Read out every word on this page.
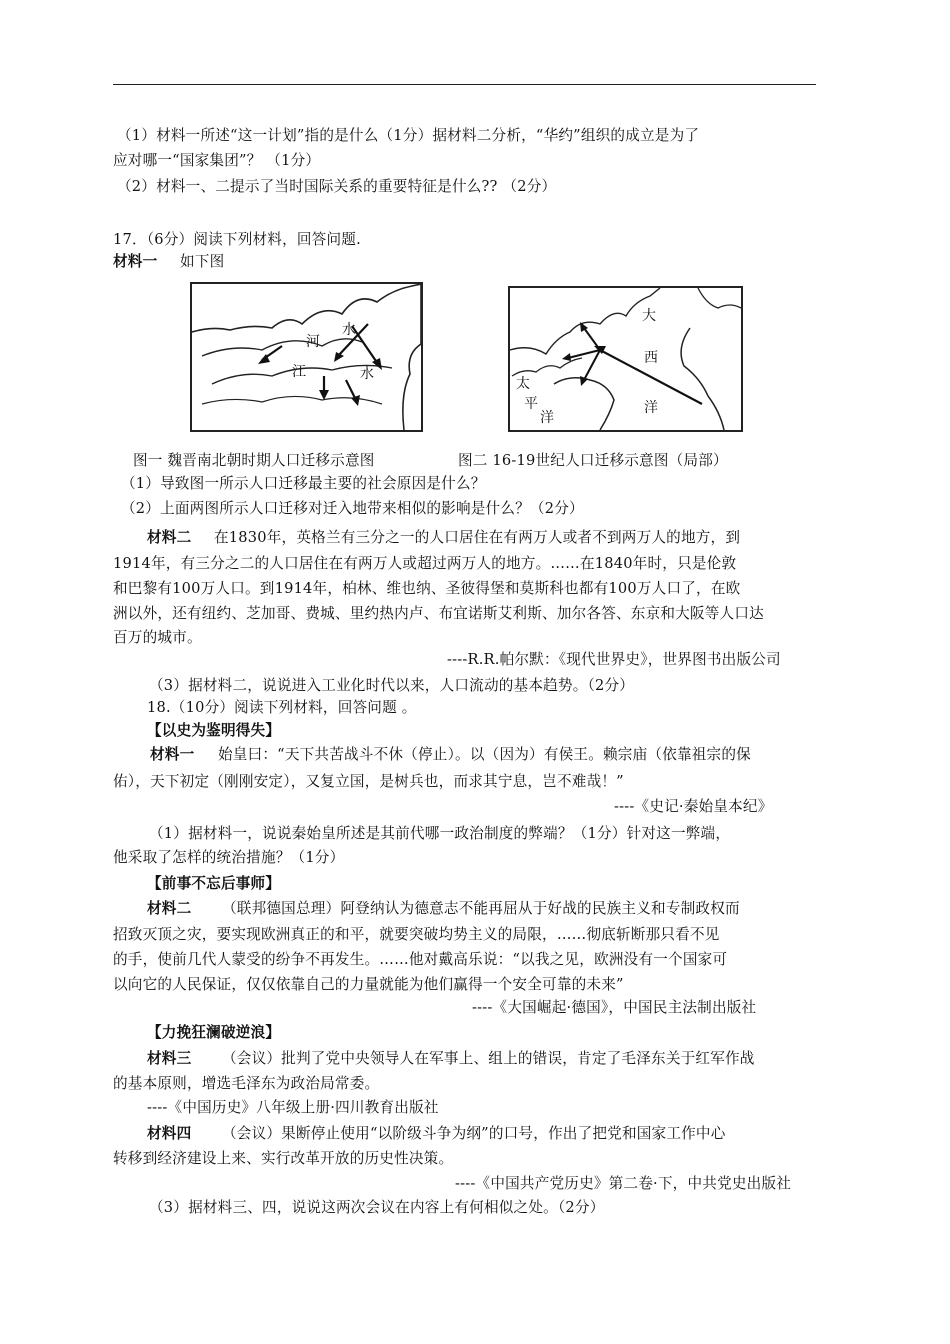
（1）材料一所述“这一计划”指的是什么（1分）据材料二分析，“华约”组织的成立是为了
应对哪一“国家集团”？ （1分）
（2）材料一、二提示了当时国际关系的重要特征是什么?? （2分）
17．（6分）阅读下列材料，回答问题.
材料一 如下图
河
水
江	水
大
西
洋
太
平
洋
图一 魏晋南北朝时期人口迁移示意图	图二 16-19世纪人口迁移示意图（局部）
（1）导致图一所示人口迁移最主要的社会原因是什么？
（2）上面两图所示人口迁移对迁入地带来相似的影响是什么？（2分）
材料二 在1830年，英格兰有三分之一的人口居住在有两万人或者不到两万人的地方，到
1914年，有三分之二的人口居住在有两万人或超过两万人的地方。……在1840年时，只是伦敦
和巴黎有100万人口。到1914年，柏林、维也纳、圣彼得堡和莫斯科也都有100万人口了，在欧
洲以外，还有纽约、芝加哥、费城、里约热内卢、布宜诺斯艾利斯、加尔各答、东京和大阪等人口达
百万的城市。
----R.R.帕尔默：《现代世界史》，世界图书出版公司
（3）据材料二，说说进入工业化时代以来，人口流动的基本趋势。（2分）
18.（10分）阅读下列材料，回答问题 。
【以史为鉴明得失】
材料一 始皇曰：“天下共苦战斗不休（停止）。以（因为）有侯王。赖宗庙（依靠祖宗的保
佑），天下初定（刚刚安定），又复立国，是树兵也，而求其宁息，岂不难哉！”
----《史记·秦始皇本纪》
（1）据材料一，说说秦始皇所述是其前代哪一政治制度的弊端？（1分）针对这一弊端，
他采取了怎样的统治措施？（1分）
【前事不忘后事师】
材料二 （联邦德国总理）阿登纳认为德意志不能再屈从于好战的民族主义和专制政权而
招致灭顶之灾，要实现欧洲真正的和平，就要突破均势主义的局限，……彻底斩断那只看不见
的手，使前几代人蒙受的纷争不再发生。……他对戴高乐说：“以我之见，欧洲没有一个国家可
以向它的人民保证，仅仅依靠自己的力量就能为他们赢得一个安全可靠的未来”
----《大国崛起·德国》，中国民主法制出版社
【力挽狂澜破逆浪】
材料三 （会议）批判了党中央领导人在军事上、组上的错误，肯定了毛泽东关于红军作战
的基本原则，增选毛泽东为政治局常委。
----《中国历史》八年级上册·四川教育出版社
材料四 （会议）果断停止使用“以阶级斗争为纲”的口号，作出了把党和国家工作中心
转移到经济建设上来、实行改革开放的历史性决策。
----《中国共产党历史》第二卷·下，中共党史出版社
（3）据材料三、四，说说这两次会议在内容上有何相似之处。（2分）
